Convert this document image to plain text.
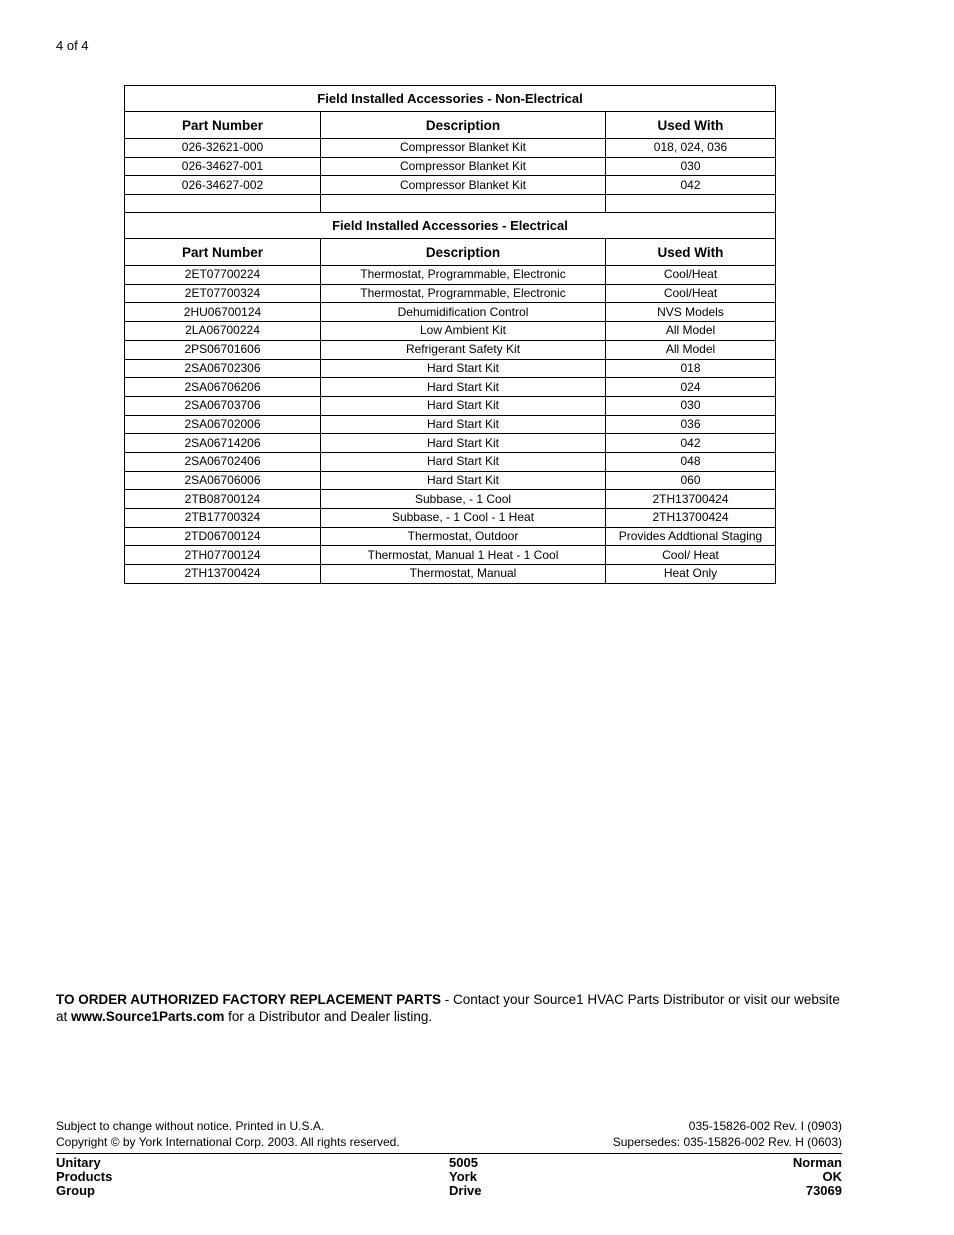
4 of 4
Field Installed Accessories - Non-Electrical		
Part Number	Description	Used With
026-32621-000	Compressor Blanket Kit	018, 024, 036
026-34627-001	Compressor Blanket Kit	030
026-34627-002	Compressor Blanket Kit	042

Field Installed Accessories - Electrical		
Part Number	Description	Used With
2ET07700224	Thermostat, Programmable, Electronic	Cool/Heat
2ET07700324	Thermostat, Programmable, Electronic	Cool/Heat
2HU06700124	Dehumidification Control	NVS Models
2LA06700224	Low Ambient Kit	All Model
2PS06701606	Refrigerant Safety Kit	All Model
2SA06702306	Hard Start Kit	018
2SA06706206	Hard Start Kit	024
2SA06703706	Hard Start Kit	030
2SA06702006	Hard Start Kit	036
2SA06714206	Hard Start Kit	042
2SA06702406	Hard Start Kit	048
2SA06706006	Hard Start Kit	060
2TB08700124	Subbase, - 1 Cool	2TH13700424
2TB17700324	Subbase, - 1 Cool - 1 Heat	2TH13700424
2TD06700124	Thermostat, Outdoor	Provides Addtional Staging
2TH07700124	Thermostat, Manual 1 Heat - 1 Cool	Cool/ Heat
2TH13700424	Thermostat, Manual	Heat Only
TO ORDER AUTHORIZED FACTORY REPLACEMENT PARTS - Contact your Source1 HVAC Parts Distributor or visit our website at www.Source1Parts.com for a Distributor and Dealer listing.
Subject to change without notice. Printed in U.S.A.
Copyright © by York International Corp. 2003. All rights reserved.
035-15826-002 Rev. I (0903)
Supersedes: 035-15826-002 Rev. H (0603)
Unitary
Products
Group
5005
York
Drive
Norman
OK
73069
